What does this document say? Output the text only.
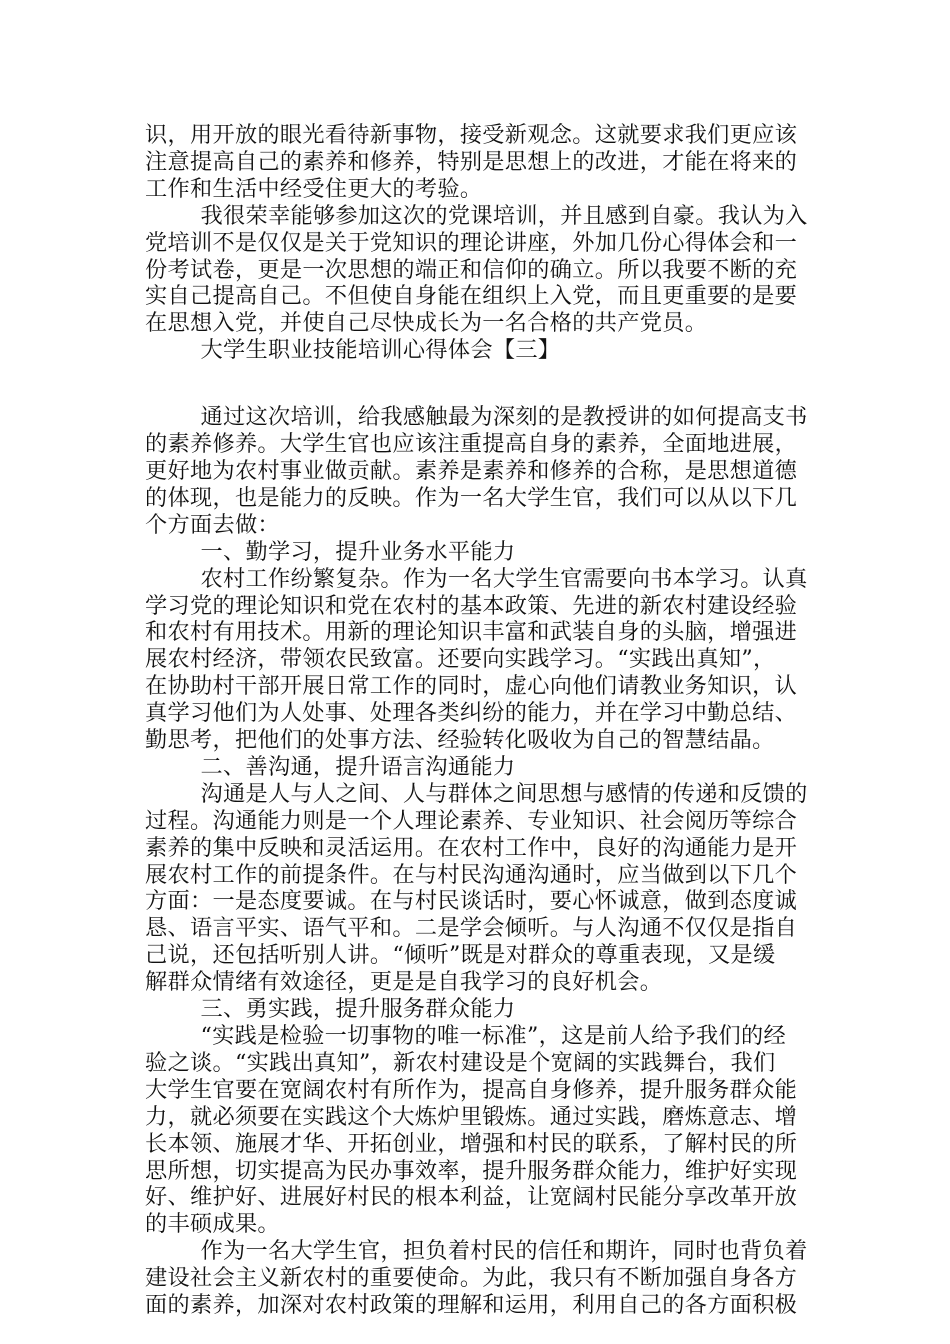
识，用开放的眼光看待新事物，接受新观念。这就要求我们更应该
注意提高自己的素养和修养，特别是思想上的改进，才能在将来的
工作和生活中经受住更大的考验。

我很荣幸能够参加这次的党课培训，并且感到自豪。我认为入
党培训不是仅仅是关于党知识的理论讲座，外加几份心得体会和一
份考试卷，更是一次思想的端正和信仰的确立。所以我要不断的充
实自己提高自己。不但使自身能在组织上入党，而且更重要的是要
在思想入党，并使自己尽快成长为一名合格的共产党员。

大学生职业技能培训心得体会【三】

通过这次培训，给我感触最为深刻的是教授讲的如何提高支书
的素养修养。大学生官也应该注重提高自身的素养，全面地进展，
更好地为农村事业做贡献。素养是素养和修养的合称，是思想道德
的体现，也是能力的反映。作为一名大学生官，我们可以从以下几
个方面去做：

一、勤学习，提升业务水平能力

农村工作纷繁复杂。作为一名大学生官需要向书本学习。认真
学习党的理论知识和党在农村的基本政策、先进的新农村建设经验
和农村有用技术。用新的理论知识丰富和武装自身的头脑，增强进
展农村经济，带领农民致富。还要向实践学习。“实践出真知”，
在协助村干部开展日常工作的同时，虚心向他们请教业务知识，认
真学习他们为人处事、处理各类纠纷的能力，并在学习中勤总结、
勤思考，把他们的处事方法、经验转化吸收为自己的智慧结晶。

二、善沟通，提升语言沟通能力

沟通是人与人之间、人与群体之间思想与感情的传递和反馈的
过程。沟通能力则是一个人理论素养、专业知识、社会阅历等综合
素养的集中反映和灵活运用。在农村工作中，良好的沟通能力是开
展农村工作的前提条件。在与村民沟通沟通时，应当做到以下几个
方面：一是态度要诚。在与村民谈话时，要心怀诚意，做到态度诚
恳、语言平实、语气平和。二是学会倾听。与人沟通不仅仅是指自
己说，还包括听别人讲。“倾听”既是对群众的尊重表现，又是缓
解群众情绪有效途径，更是是自我学习的良好机会。

三、勇实践，提升服务群众能力

“实践是检验一切事物的唯一标准”，这是前人给予我们的经
验之谈。“实践出真知”，新农村建设是个宽阔的实践舞台，我们
大学生官要在宽阔农村有所作为，提高自身修养，提升服务群众能
力，就必须要在实践这个大炼炉里锻炼。通过实践，磨炼意志、增
长本领、施展才华、开拓创业，增强和村民的联系，了解村民的所
思所想，切实提高为民办事效率，提升服务群众能力，维护好实现
好、维护好、进展好村民的根本利益，让宽阔村民能分享改革开放
的丰硕成果。

作为一名大学生官，担负着村民的信任和期许，同时也背负着
建设社会主义新农村的重要使命。为此，我只有不断加强自身各方
面的素养，加深对农村政策的理解和运用，利用自己的各方面积极
